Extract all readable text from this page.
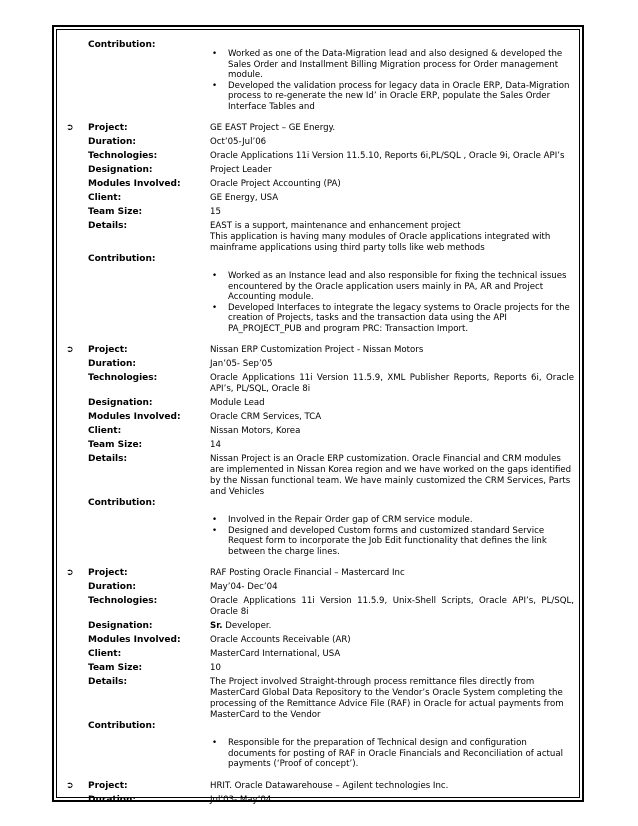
Contribution:
• Worked as one of the Data-Migration lead and also designed & developed the Sales Order and Installment Billing Migration process for Order management module.
• Developed the validation process for legacy data in Oracle ERP, Data-Migration process to re-generate the new Id’ in Oracle ERP, populate the Sales Order Interface Tables and
➲	Project:	GE EAST Project – GE Energy.
Duration:	Oct’05-Jul’06
Technologies:	Oracle Applications 11i Version 11.5.10, Reports 6i,PL/SQL , Oracle 9i, Oracle API’s
Designation:	Project Leader
Modules Involved:	Oracle Project Accounting (PA)
Client:	GE Energy, USA
Team Size:	15
Details:	EAST is a support, maintenance and enhancement project
This application is having many modules of Oracle applications integrated with mainframe applications using third party tolls like web methods
Contribution:
• Worked as an Instance lead and also responsible for fixing the technical issues encountered by the Oracle application users mainly in PA, AR and Project Accounting module.
• Developed Interfaces to integrate the legacy systems to Oracle projects for the creation of Projects, tasks and the transaction data using the API PA_PROJECT_PUB and program PRC: Transaction Import.
➲	Project:	Nissan ERP Customization Project - Nissan Motors
Duration:	Jan’05- Sep’05
Technologies:	Oracle Applications 11i Version 11.5.9, XML Publisher Reports, Reports 6i, Oracle API’s, PL/SQL, Oracle 8i
Designation:	Module Lead
Modules Involved:	Oracle CRM Services, TCA
Client:	Nissan Motors, Korea
Team Size:	14
Details:	Nissan Project is an Oracle ERP customization. Oracle Financial and CRM modules are implemented in Nissan Korea region and we have worked on the gaps identified by the Nissan functional team. We have mainly customized the CRM Services, Parts and Vehicles
Contribution:
• Involved in the Repair Order gap of CRM service module.
• Designed and developed Custom forms and customized standard Service Request form to incorporate the Job Edit functionality that defines the link between the charge lines.
➲	Project:	RAF Posting Oracle Financial – Mastercard Inc
Duration:	May’04- Dec’04
Technologies:	Oracle Applications 11i Version 11.5.9, Unix-Shell Scripts, Oracle API’s, PL/SQL, Oracle 8i
Designation:	Sr. Developer.
Modules Involved:	Oracle Accounts Receivable (AR)
Client:	MasterCard International, USA
Team Size:	10
Details:	The Project involved Straight-through process remittance files directly from MasterCard Global Data Repository to the Vendor’s Oracle System completing the processing of the Remittance Advice File (RAF) in Oracle for actual payments from MasterCard to the Vendor
Contribution:
• Responsible for the preparation of Technical design and configuration documents for posting of RAF in Oracle Financials and Reconciliation of actual payments (‘Proof of concept’).
➲	Project:	HRIT. Oracle Datawarehouse – Agilent technologies Inc.
Duration:	Jul’03- May’04
